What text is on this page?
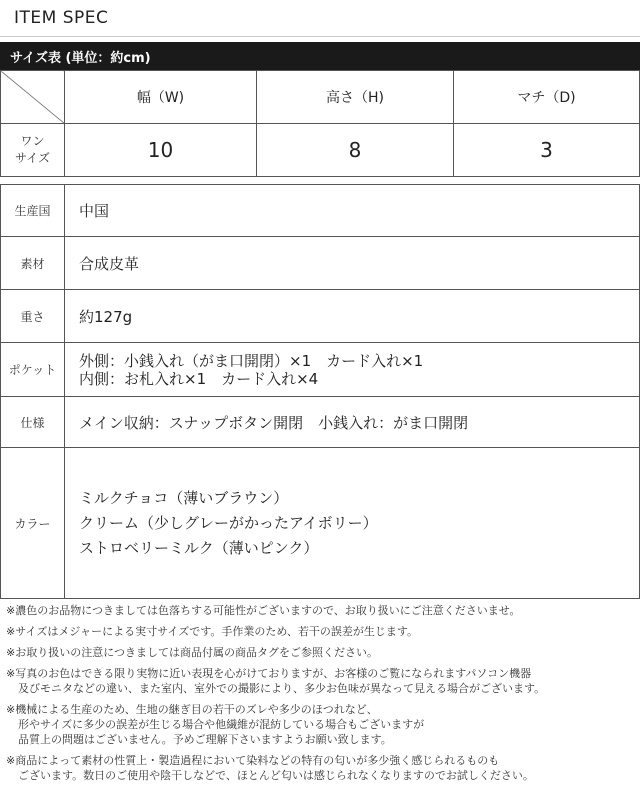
ITEM SPEC
サイズ表 (単位：約cm)
	幅（W)	高さ（H)	マチ（D)
ワン
サイズ	10	8	3
生産国	中国
素材	合成皮革
重さ	約127g
ポケット	外側：小銭入れ（がま口開閉）×1　カード入れ×1
内側：お札入れ×1　カード入れ×4
仕様	メイン収納：スナップボタン開閉　小銭入れ：がま口開閉
カラー	ミルクチョコ（薄いブラウン）
クリーム（少しグレーがかったアイボリー）
ストロベリーミルク（薄いピンク）
※濃色のお品物につきましては色落ちする可能性がございますので、お取り扱いにご注意くださいませ。
※サイズはメジャーによる実寸サイズです。手作業のため、若干の誤差が生じます。
※お取り扱いの注意につきましては商品付属の商品タグをご参照ください。
※写真のお色はできる限り実物に近い表現を心がけておりますが、お客様のご覧になられますパソコン機器
及びモニタなどの違い、また室内、室外での撮影により、多少お色味が異なって見える場合がございます。
※機械による生産のため、生地の継ぎ目の若干のズレや多少のほつれなど、
形やサイズに多少の誤差が生じる場合や他繊維が混紡している場合もございますが
品質上の問題はございません。予めご理解下さいますようお願い致します。
※商品によって素材の性質上・製造過程において染料などの特有の匂いが多少強く感じられるものも
ございます。数日のご使用や陰干しなどで、ほとんど匂いは感じられなくなりますのでお試しください。
